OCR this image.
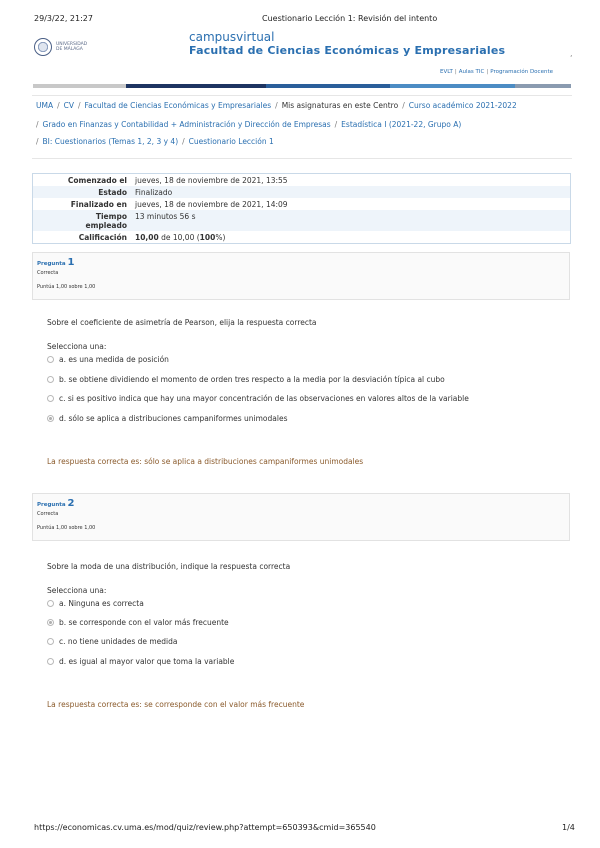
29/3/22, 21:27	Cuestionario Lección 1: Revisión del intento
UNIVERSIDAD
DE MÁLAGA
campusvirtual
Facultad de Ciencias Económicas y Empresariales	,
EVLT | Aulas TIC | Programación Docente
UMA / CV / Facultad de Ciencias Económicas y Empresariales / Mis asignaturas en este Centro / Curso académico 2021-2022
/ Grado en Finanzas y Contabilidad + Administración y Dirección de Empresas / Estadística I (2021-22, Grupo A)
/ BI: Cuestionarios (Temas 1, 2, 3 y 4) / Cuestionario Lección 1
Comenzado el	jueves, 18 de noviembre de 2021, 13:55
Estado	Finalizado
Finalizado en	jueves, 18 de noviembre de 2021, 14:09
Tiempo empleado	13 minutos 56 s
Calificación	10,00 de 10,00 (100%)
Pregunta 1
Correcta
Puntúa 1,00 sobre 1,00
Sobre el coeficiente de asimetría de Pearson, elija la respuesta correcta
Selecciona una:
a. es una medida de posición
b. se obtiene dividiendo el momento de orden tres respecto a la media por la desviación típica al cubo
c. si es positivo indica que hay una mayor concentración de las observaciones en valores altos de la variable
d. sólo se aplica a distribuciones campaniformes unimodales
La respuesta correcta es: sólo se aplica a distribuciones campaniformes unimodales
Pregunta 2
Correcta
Puntúa 1,00 sobre 1,00
Sobre la moda de una distribución, indique la respuesta correcta
Selecciona una:
a. Ninguna es correcta
b. se corresponde con el valor más frecuente
c. no tiene unidades de medida
d. es igual al mayor valor que toma la variable
La respuesta correcta es: se corresponde con el valor más frecuente
https://economicas.cv.uma.es/mod/quiz/review.php?attempt=650393&cmid=365540	1/4
